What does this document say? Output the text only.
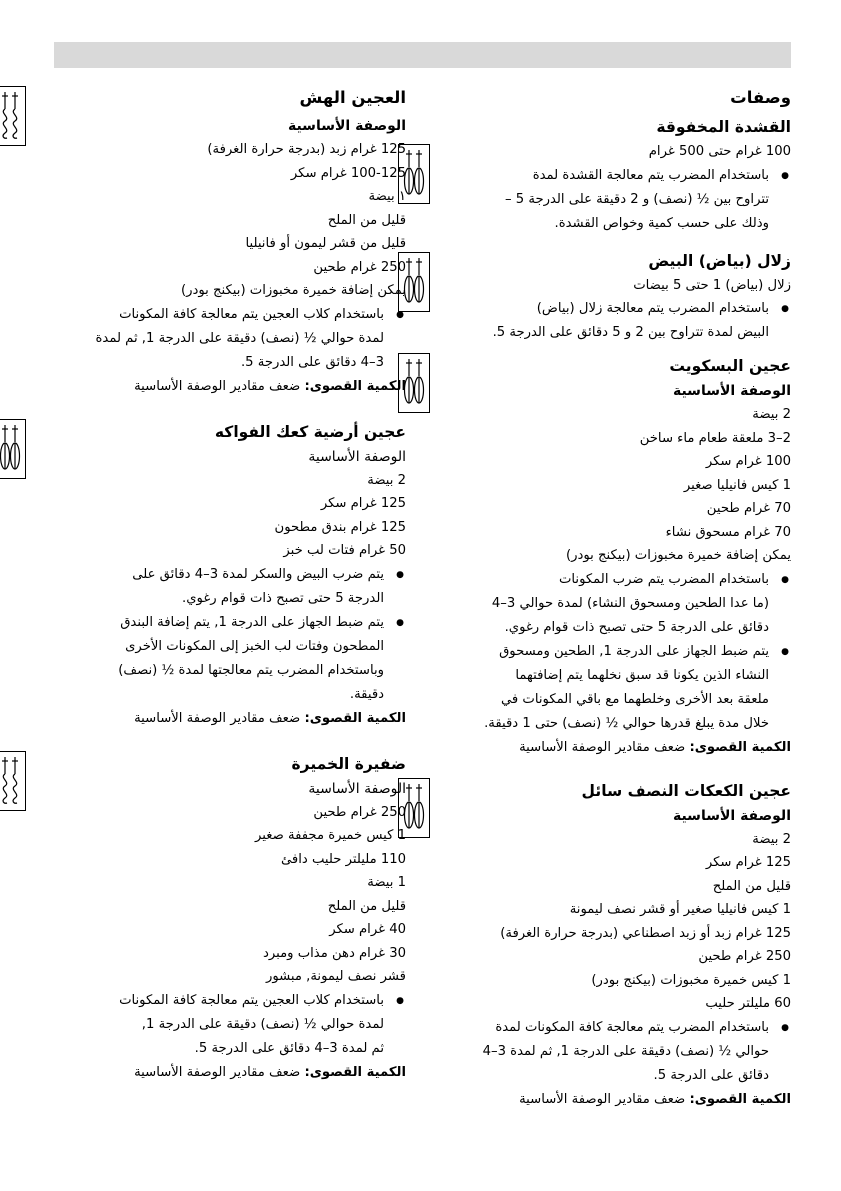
وصفات
القشدة المخفوقة
100 غرام حتى 500 غرام
● باستخدام المضرب يتم معالجة القشدة لمدة
تتراوح بين ½ (نصف) و 2 دقيقة على الدرجة 5 –
وذلك على حسب كمية وخواص القشدة.
زلال (بياض) البيض
زلال (بياض) 1 حتى 5 بيضات
● باستخدام المضرب يتم معالجة زلال (بياض)
البيض لمدة تتراوح بين 2 و 5 دقائق على الدرجة 5.
عجين البسكويت
الوصفة الأساسية
2 بيضة
2–3 ملعقة طعام ماء ساخن
100 غرام سكر
1 كيس فانيليا صغير
70 غرام طحين
70 غرام مسحوق نشاء
يمكن إضافة خميرة مخبوزات (بيكنج بودر)
● باستخدام المضرب يتم ضرب المكونات
(ما عدا الطحين ومسحوق النشاء) لمدة حوالي 3–4
دقائق على الدرجة 5 حتى تصبح ذات قوام رغوي.
● يتم ضبط الجهاز على الدرجة 1, الطحين ومسحوق
النشاء الذين يكونا قد سبق نخلهما يتم إضافتهما
ملعقة بعد الأخرى وخلطهما مع باقي المكونات في
خلال مدة يبلغ قدرها حوالي ½ (نصف) حتى 1 دقيقة.
الكمية القصوى: ضعف مقادير الوصفة الأساسية
عجين الكعكات النصف سائل
الوصفة الأساسية
2 بيضة
125 غرام سكر
قليل من الملح
1 كيس فانيليا صغير أو قشر نصف ليمونة
125 غرام زبد أو زبد اصطناعي (بدرجة حرارة الغرفة)
250 غرام طحين
1 كيس خميرة مخبوزات (بيكنج بودر)
60 مليلتر حليب
● باستخدام المضرب يتم معالجة كافة المكونات لمدة
حوالي ½ (نصف) دقيقة على الدرجة 1, ثم لمدة 3–4
دقائق على الدرجة 5.
الكمية القصوى: ضعف مقادير الوصفة الأساسية
العجين الهش
الوصفة الأساسية
125 غرام زبد (بدرجة حرارة الغرفة)
100-125 غرام سكر
١ بيضة
قليل من الملح
قليل من قشر ليمون أو فانيليا
250 غرام طحين
يمكن إضافة خميرة مخبوزات (بيكنج بودر)
● باستخدام كلاب العجين يتم معالجة كافة المكونات
لمدة حوالي ½ (نصف) دقيقة على الدرجة 1, ثم لمدة
3–4 دقائق على الدرجة 5.
الكمية القصوى: ضعف مقادير الوصفة الأساسية
عجين أرضية كعك الفواكه
الوصفة الأساسية
2 بيضة
125 غرام سكر
125 غرام بندق مطحون
50 غرام فتات لب خبز
● يتم ضرب البيض والسكر لمدة 3–4 دقائق على
الدرجة 5 حتى تصبح ذات قوام رغوي.
● يتم ضبط الجهاز على الدرجة 1, يتم إضافة البندق
المطحون وفتات لب الخبز إلى المكونات الأخرى
وباستخدام المضرب يتم معالجتها لمدة ½ (نصف)
دقيقة.
الكمية القصوى: ضعف مقادير الوصفة الأساسية
ضفيرة الخميرة
الوصفة الأساسية
250 غرام طحين
1 كيس خميرة مجففة صغير
110 مليلتر حليب دافئ
1 بيضة
قليل من الملح
40 غرام سكر
30 غرام دهن مذاب ومبرد
قشر نصف ليمونة, مبشور
● باستخدام كلاب العجين يتم معالجة كافة المكونات
لمدة حوالي ½ (نصف) دقيقة على الدرجة 1,
ثم لمدة 3–4 دقائق على الدرجة 5.
الكمية القصوى: ضعف مقادير الوصفة الأساسية
